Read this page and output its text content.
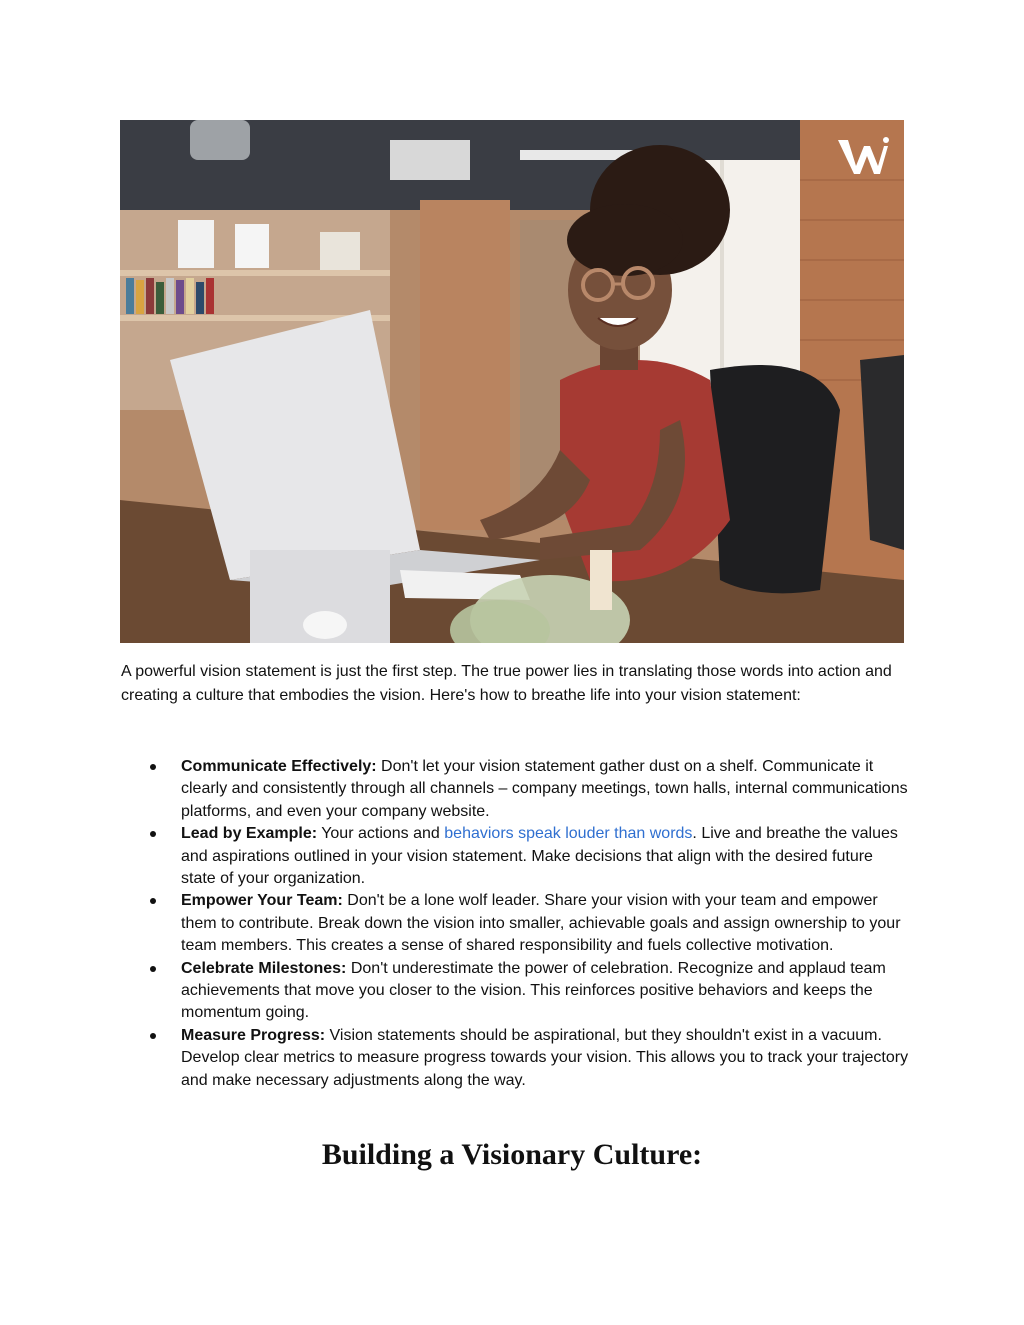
A powerful vision statement is just the first step. The true power lies in translating those words into action and creating a culture that embodies the vision. Here's how to breathe life into your vision statement:

Communicate Effectively: Don't let your vision statement gather dust on a shelf. Communicate it clearly and consistently through all channels – company meetings, town halls, internal communications platforms, and even your company website.
Lead by Example: Your actions and behaviors speak louder than words. Live and breathe the values and aspirations outlined in your vision statement. Make decisions that align with the desired future state of your organization.
Empower Your Team: Don't be a lone wolf leader. Share your vision with your team and empower them to contribute. Break down the vision into smaller, achievable goals and assign ownership to your team members. This creates a sense of shared responsibility and fuels collective motivation.
Celebrate Milestones: Don't underestimate the power of celebration. Recognize and applaud team achievements that move you closer to the vision. This reinforces positive behaviors and keeps the momentum going.
Measure Progress: Vision statements should be aspirational, but they shouldn't exist in a vacuum. Develop clear metrics to measure progress towards your vision. This allows you to track your trajectory and make necessary adjustments along the way.
Building a Visionary Culture:
